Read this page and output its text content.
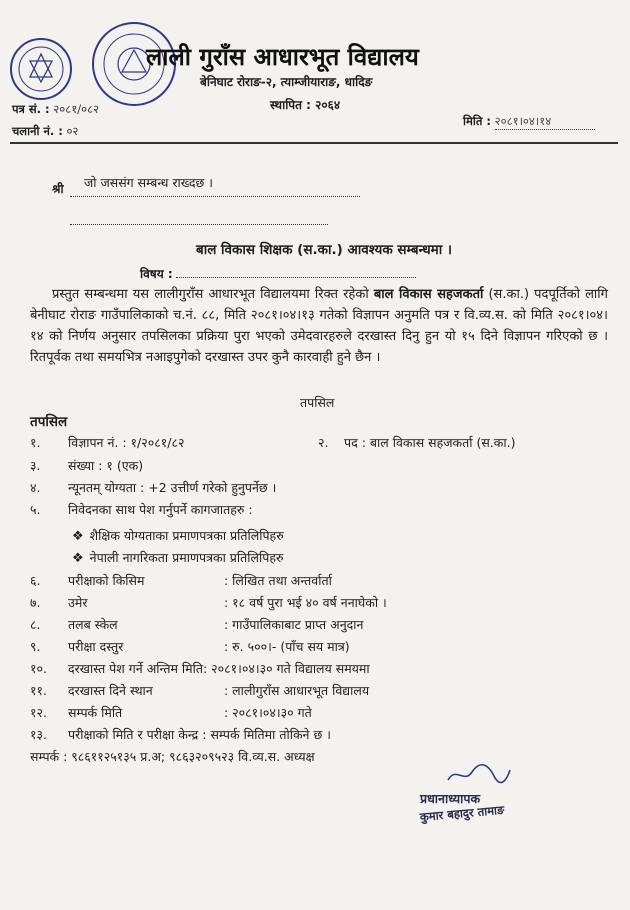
लाली गुराँस आधारभूत विद्यालय
बेनिघाट रोराङ-२, त्याम्जीयाराङ, धादिङ
स्थापित : २०६४
पत्र सं. : २०८१/०८२
चलानी नं. : ०२
मिति : २०८१।०४।१४
श्री जो जससंग सम्बन्ध राख्दछ ।
बाल विकास शिक्षक (स.का.) आवश्यक सम्बन्धमा ।
विषय :
प्रस्तुत सम्बन्धमा यस लालीगुराँस आधारभूत विद्यालयमा रिक्त रहेको बाल विकास सहजकर्ता (स.का.) पदपूर्तिको लागि बेनीघाट रोराङ गाउँपालिकाको च.नं. ८८, मिति २०८१।०४।१३ गतेको विज्ञापन अनुमति पत्र र वि.व्य.स. को मिति २०८१।०४।१४ को निर्णय अनुसार तपसिलका प्रक्रिया पुरा भएको उमेदवारहरुले दरखास्त दिनु हुन यो १५ दिने विज्ञापन गरिएको छ । रितपूर्वक तथा समयभित्र नआइपुगेको दरखास्त उपर कुनै कारवाही हुने छैन ।
तपसिल
तपसिल
१. विज्ञापन नं. : १/२०८१/८२	२. पद : बाल विकास सहजकर्ता (स.का.)
३. संख्या : १ (एक)
४. न्यूनतम् योग्यता : +2 उत्तीर्ण गरेको हुनुपर्नेछ ।
५. निवेदनका साथ पेश गर्नुपर्ने कागजातहरु :
❖ शैक्षिक योग्यताका प्रमाणपत्रका प्रतिलिपिहरु
❖ नेपाली नागरिकता प्रमाणपत्रका प्रतिलिपिहरु
६. परीक्षाको किसिम	: लिखित तथा अन्तर्वार्ता
७. उमेर	: १८ वर्ष पुरा भई ४० वर्ष ननाघेको ।
८. तलब स्केल	: गाउँपालिकाबाट प्राप्त अनुदान
९. परीक्षा दस्तुर	: रु. ५००।- (पाँच सय मात्र)
१०. दरखास्त पेश गर्ने अन्तिम मिति: २०८१।०४।३० गते विद्यालय समयमा
११. दरखास्त दिने स्थान	: लालीगुराँस आधारभूत विद्यालय
१२. सम्पर्क मिति	: २०८१।०४।३० गते
१३. परीक्षाको मिति र परीक्षा केन्द्र : सम्पर्क मितिमा तोकिने छ ।
सम्पर्क : ९८६११२५१३५ प्र.अ; ९८६३२०९५२३ वि.व्य.स. अध्यक्ष
प्रधानाध्यापक
कुमार बहादुर तामाङ
